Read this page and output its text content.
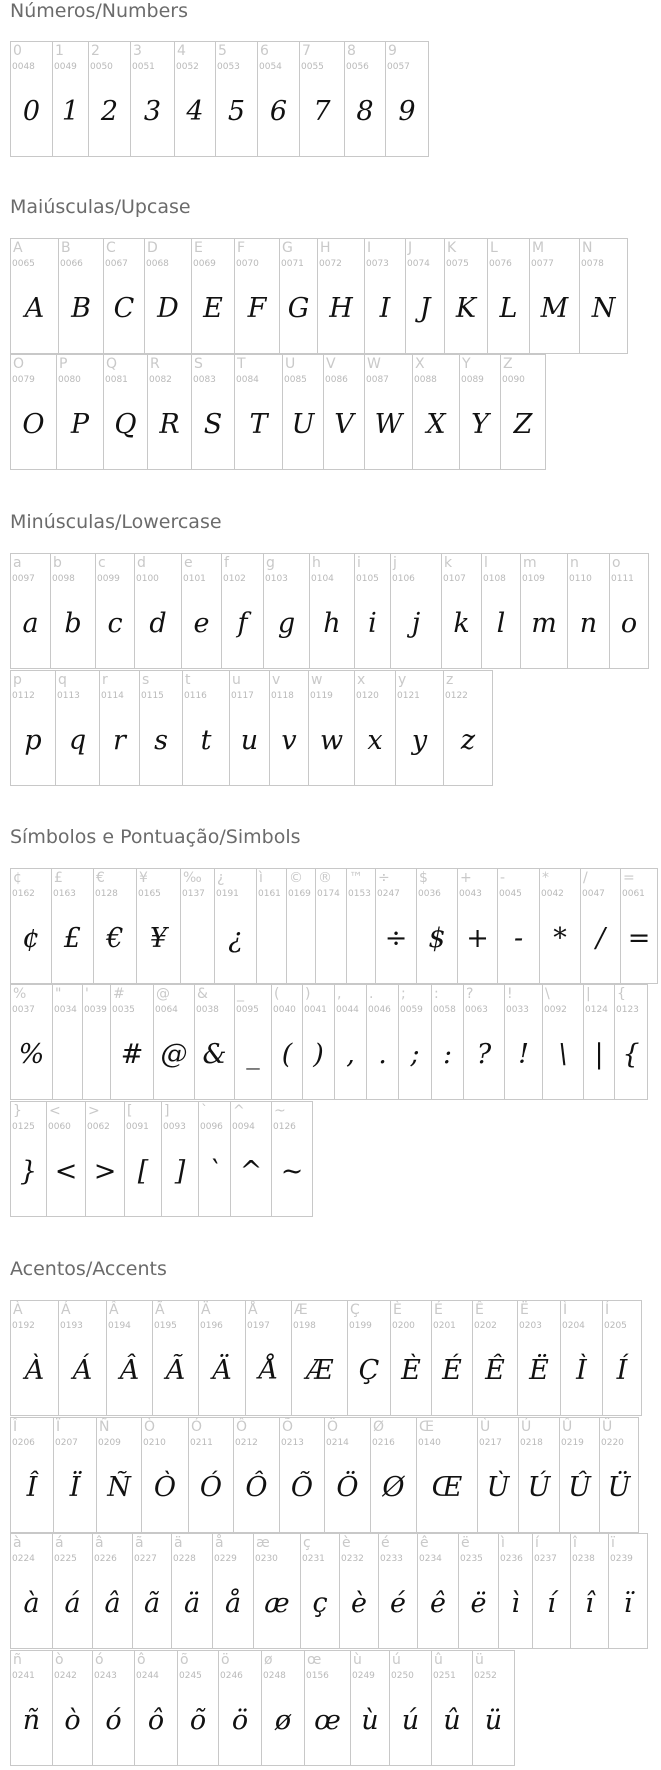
Números/Numbers
0
0048
0
1
0049
1
2
0050
2
3
0051
3
4
0052
4
5
0053
5
6
0054
6
7
0055
7
8
0056
8
9
0057
9
Maiúsculas/Upcase
A
0065
A
B
0066
B
C
0067
C
D
0068
D
E
0069
E
F
0070
F
G
0071
G
H
0072
H
I
0073
I
J
0074
J
K
0075
K
L
0076
L
M
0077
M
N
0078
N
O
0079
O
P
0080
P
Q
0081
Q
R
0082
R
S
0083
S
T
0084
T
U
0085
U
V
0086
V
W
0087
W
X
0088
X
Y
0089
Y
Z
0090
Z
Minúsculas/Lowercase
a
0097
a
b
0098
b
c
0099
c
d
0100
d
e
0101
e
f
0102
f
g
0103
g
h
0104
h
i
0105
i
j
0106
j
k
0107
k
l
0108
l
m
0109
m
n
0110
n
o
0111
o
p
0112
p
q
0113
q
r
0114
r
s
0115
s
t
0116
t
u
0117
u
v
0118
v
w
0119
w
x
0120
x
y
0121
y
z
0122
z
Símbolos e Pontuação/Simbols
¢
0162
¢
£
0163
£
€
0128
€
¥
0165
¥
‰
0137
¿
0191
¿
ì
0161
©
0169
®
0174
™
0153
÷
0247
÷
$
0036
$
+
0043
+
-
0045
-
*
0042
*
/
0047
/
=
0061
=
%
0037
%
"
0034
'
0039
#
0035
#
@
0064
@
&
0038
&
_
0095
_
(
0040
(
)
0041
)
,
0044
,
.
0046
.
;
0059
;
:
0058
:
?
0063
?
!
0033
!
\
0092
\
|
0124
|
{
0123
{
}
0125
}
<
0060
<
>
0062
>
[
0091
[
]
0093
]
`
0096
`
^
0094
^
~
0126
~
Acentos/Accents
À
0192
À
Á
0193
Á
Â
0194
Â
Ã
0195
Ã
Ä
0196
Ä
Å
0197
Å
Æ
0198
Æ
Ç
0199
Ç
È
0200
È
É
0201
É
Ê
0202
Ê
Ë
0203
Ë
Ì
0204
Ì
Í
0205
Í
Î
0206
Î
Ï
0207
Ï
Ñ
0209
Ñ
Ò
0210
Ò
Ó
0211
Ó
Ô
0212
Ô
Õ
0213
Õ
Ö
0214
Ö
Ø
0216
Ø
Œ
0140
Œ
Ù
0217
Ù
Ú
0218
Ú
Û
0219
Û
Ü
0220
Ü
à
0224
à
á
0225
á
â
0226
â
ã
0227
ã
ä
0228
ä
å
0229
å
æ
0230
æ
ç
0231
ç
è
0232
è
é
0233
é
ê
0234
ê
ë
0235
ë
ì
0236
ì
í
0237
í
î
0238
î
ï
0239
ï
ñ
0241
ñ
ò
0242
ò
ó
0243
ó
ô
0244
ô
õ
0245
õ
ö
0246
ö
ø
0248
ø
œ
0156
œ
ù
0249
ù
ú
0250
ú
û
0251
û
ü
0252
ü
